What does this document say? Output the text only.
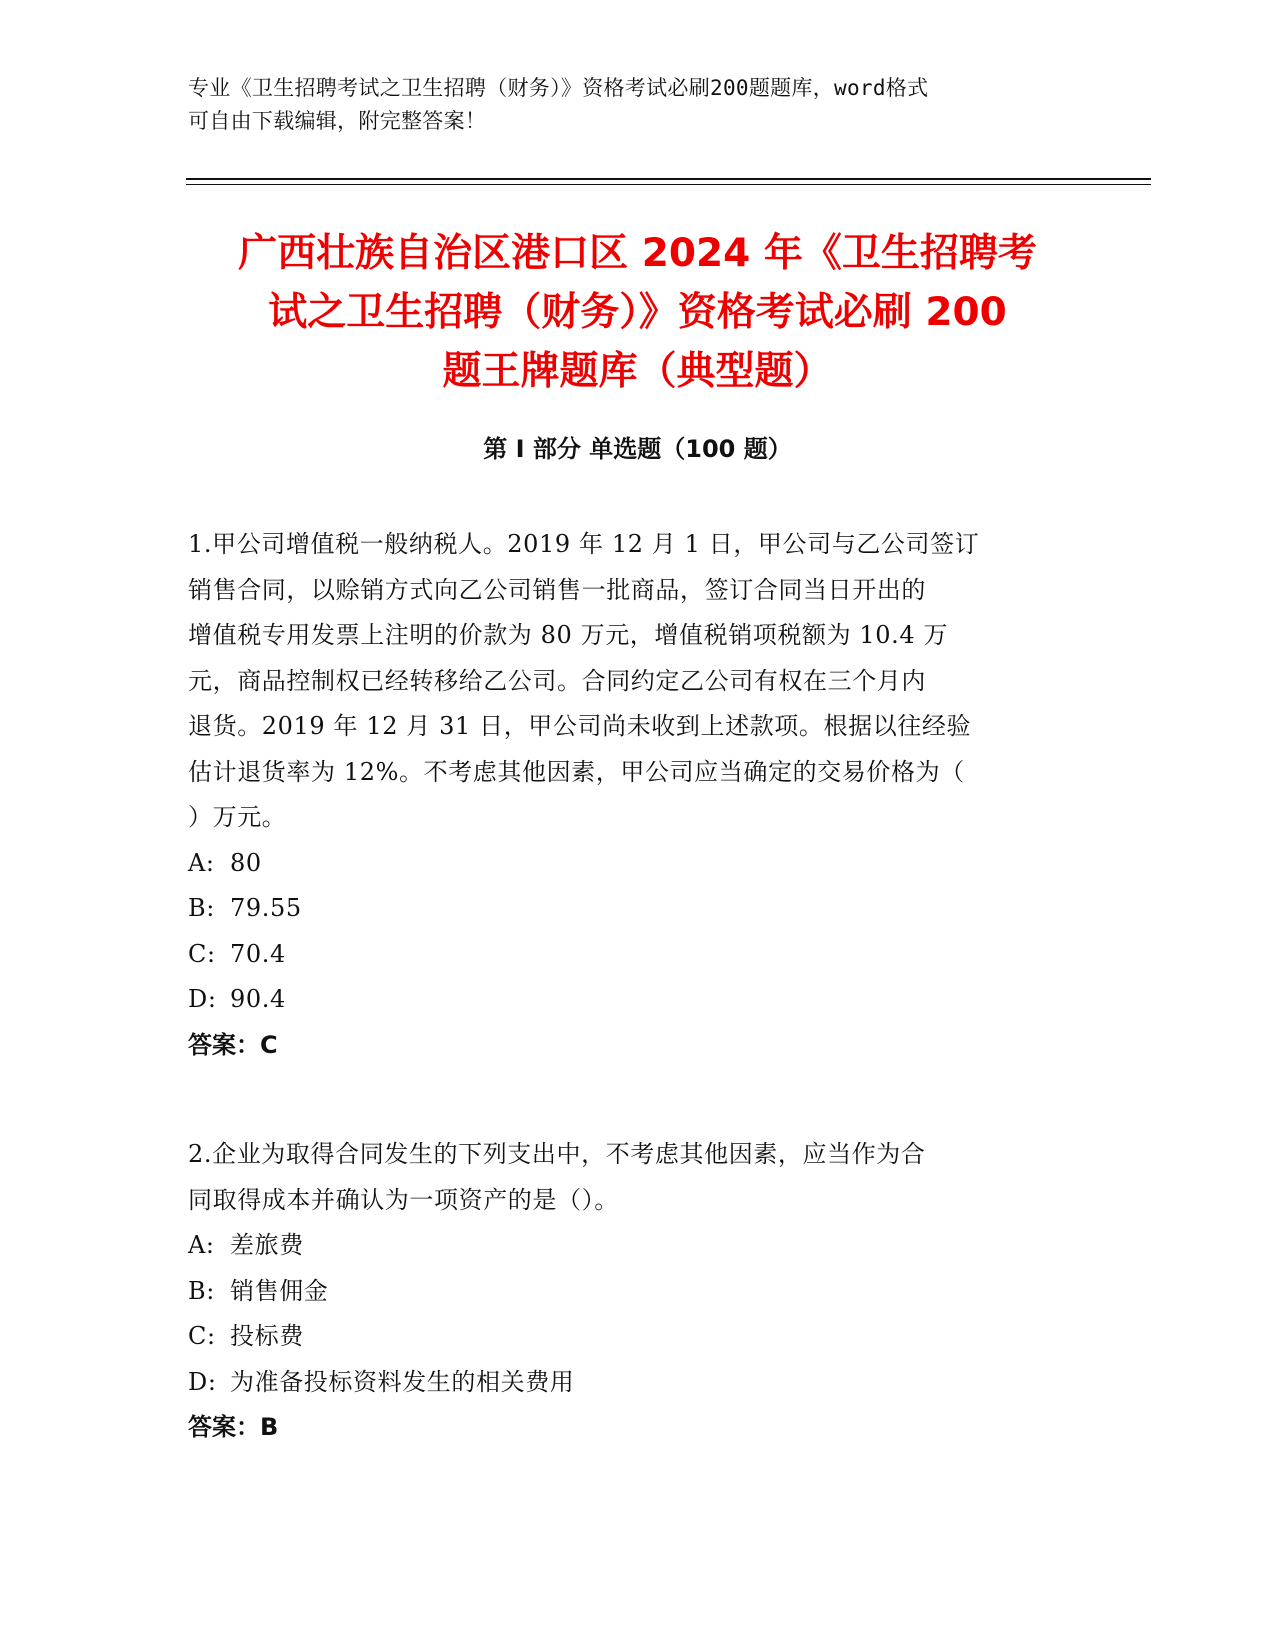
专业《卫生招聘考试之卫生招聘（财务）》资格考试必刷200题题库，word格式
可自由下载编辑，附完整答案！
广西壮族自治区港口区 2024 年《卫生招聘考
试之卫生招聘（财务）》资格考试必刷 200
题王牌题库（典型题）
第 I 部分 单选题（100 题）
1.甲公司增值税一般纳税人。2019 年 12 月 1 日，甲公司与乙公司签订
销售合同，以赊销方式向乙公司销售一批商品，签订合同当日开出的
增值税专用发票上注明的价款为 80 万元，增值税销项税额为 10.4 万
元，商品控制权已经转移给乙公司。合同约定乙公司有权在三个月内
退货。2019 年 12 月 31 日，甲公司尚未收到上述款项。根据以往经验
估计退货率为 12%。不考虑其他因素，甲公司应当确定的交易价格为（
）万元。
A: 80
B: 79.55
C: 70.4
D: 90.4
答案：C
2.企业为取得合同发生的下列支出中，不考虑其他因素，应当作为合
同取得成本并确认为一项资产的是（）。
A: 差旅费
B: 销售佣金
C: 投标费
D: 为准备投标资料发生的相关费用
答案：B
